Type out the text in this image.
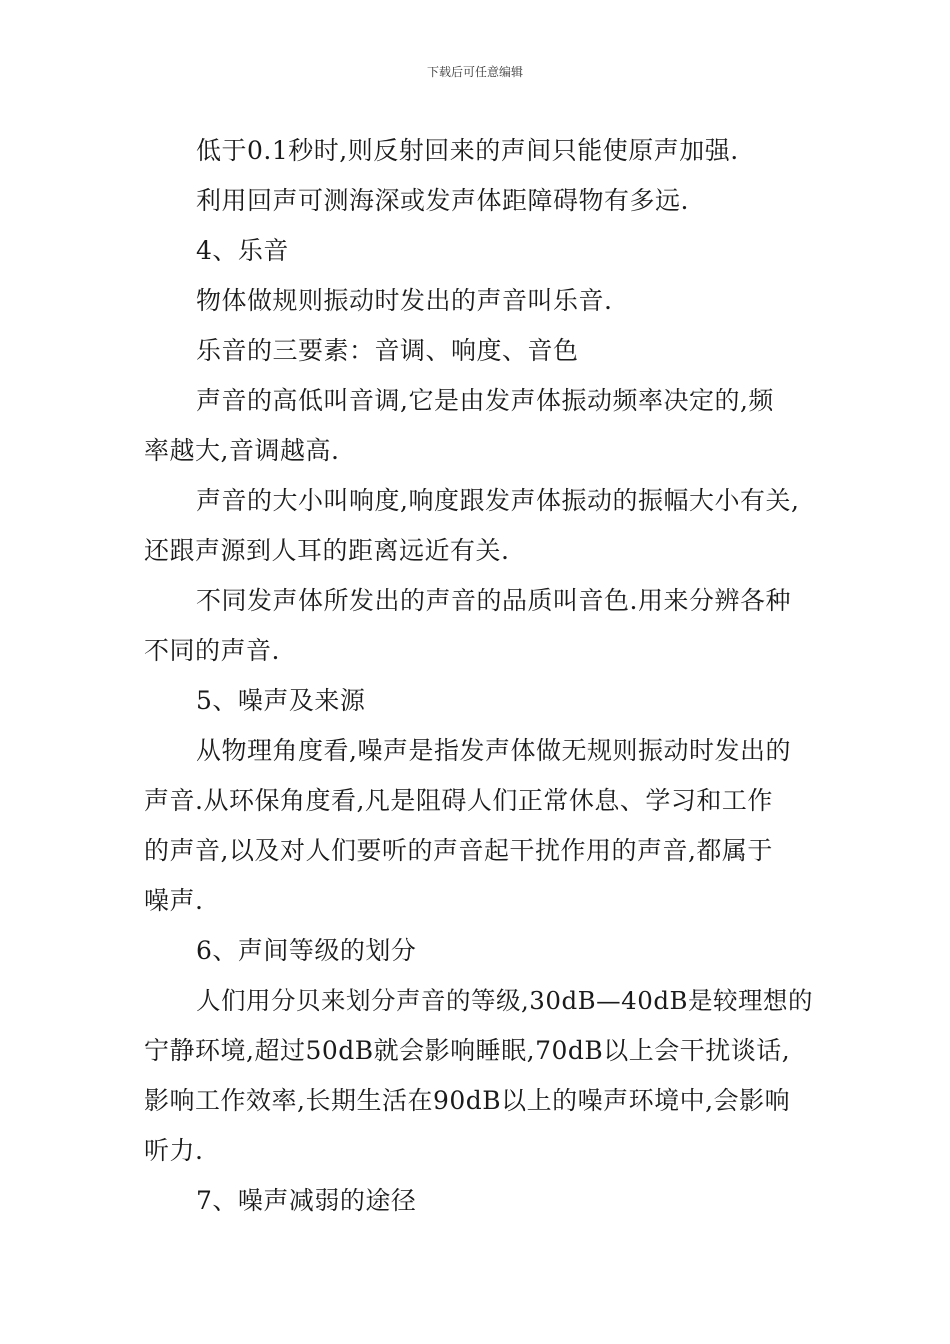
下载后可任意编辑
低于0.1秒时,则反射回来的声间只能使原声加强.
利用回声可测海深或发声体距障碍物有多远.
4、乐音
物体做规则振动时发出的声音叫乐音.
乐音的三要素：音调、响度、音色
声音的高低叫音调,它是由发声体振动频率决定的,频
率越大,音调越高.
声音的大小叫响度,响度跟发声体振动的振幅大小有关,
还跟声源到人耳的距离远近有关.
不同发声体所发出的声音的品质叫音色.用来分辨各种
不同的声音.
5、噪声及来源
从物理角度看,噪声是指发声体做无规则振动时发出的
声音.从环保角度看,凡是阻碍人们正常休息、学习和工作
的声音,以及对人们要听的声音起干扰作用的声音,都属于
噪声.
6、声间等级的划分
人们用分贝来划分声音的等级,30dB—40dB是较理想的
宁静环境,超过50dB就会影响睡眠,70dB以上会干扰谈话,
影响工作效率,长期生活在90dB以上的噪声环境中,会影响
听力.
7、噪声减弱的途径
